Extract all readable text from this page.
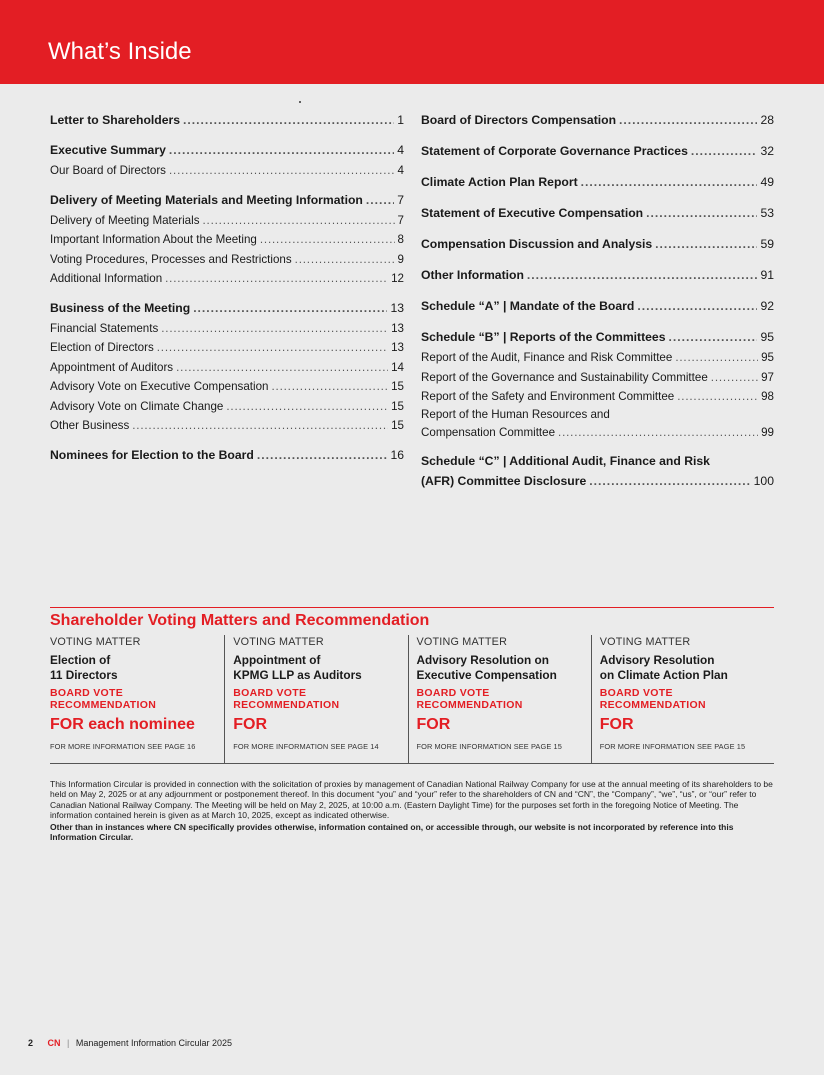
What’s Inside
Letter to Shareholders . . .	1
Executive Summary . . .	4
Our Board of Directors . . .	4
Delivery of Meeting Materials and Meeting Information . . .	7
Delivery of Meeting Materials . . .	7
Important Information About the Meeting . . .	8
Voting Procedures, Processes and Restrictions . . .	9
Additional Information . . .	12
Business of the Meeting . . .	13
Financial Statements . . .	13
Election of Directors . . .	13
Appointment of Auditors . . .	14
Advisory Vote on Executive Compensation . . .	15
Advisory Vote on Climate Change . . .	15
Other Business . . .	15
Nominees for Election to the Board . . .	16
Board of Directors Compensation . . .	28
Statement of Corporate Governance Practices . . .	32
Climate Action Plan Report . . .	49
Statement of Executive Compensation . . .	53
Compensation Discussion and Analysis . . .	59
Other Information . . .	91
Schedule “A” | Mandate of the Board . . .	92
Schedule “B” | Reports of the Committees . . .	95
Report of the Audit, Finance and Risk Committee . . .	95
Report of the Governance and Sustainability Committee . . .	97
Report of the Safety and Environment Committee . . .	98
Report of the Human Resources and
Compensation Committee . . .	99
Schedule “C” | Additional Audit, Finance and Risk
(AFR) Committee Disclosure . . .	100
Shareholder Voting Matters and Recommendation
VOTING MATTER
Election of
11 Directors
BOARD VOTE
RECOMMENDATION
FOR each nominee
FOR MORE INFORMATION SEE PAGE 16
VOTING MATTER
Appointment of
KPMG LLP as Auditors
BOARD VOTE
RECOMMENDATION
FOR
FOR MORE INFORMATION SEE PAGE 14
VOTING MATTER
Advisory Resolution on
Executive Compensation
BOARD VOTE
RECOMMENDATION
FOR
FOR MORE INFORMATION SEE PAGE 15
VOTING MATTER
Advisory Resolution
on Climate Action Plan
BOARD VOTE
RECOMMENDATION
FOR
FOR MORE INFORMATION SEE PAGE 15

This Information Circular is provided in connection with the solicitation of proxies by management of Canadian National Railway Company for use at the annual meeting of its shareholders to be held on May 2, 2025 or at any adjournment or postponement thereof. In this document “you” and “your” refer to the shareholders of CN and “CN”, the “Company”, “we”, “us”, or “our” refer to Canadian National Railway Company. The Meeting will be held on May 2, 2025, at 10:00 a.m. (Eastern Daylight Time) for the purposes set forth in the foregoing Notice of Meeting. The information contained herein is given as at March 10, 2025, except as indicated otherwise.

Other than in instances where CN specifically provides otherwise, information contained on, or accessible through, our website is not incorporated by reference into this Information Circular.

2 CN | Management Information Circular 2025
